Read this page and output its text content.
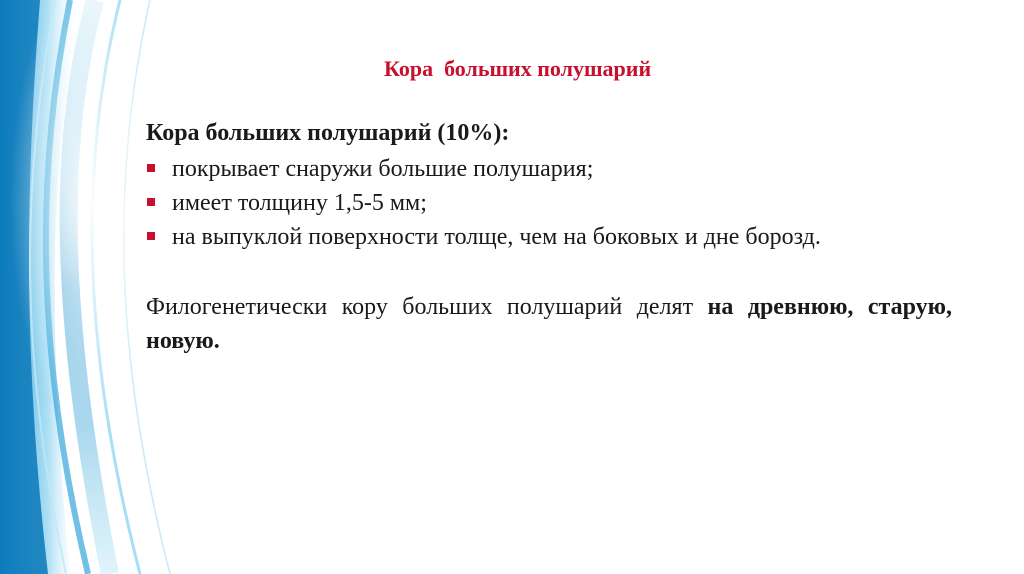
Кора  больших полушарий
Кора больших полушарий (10%):
покрывает снаружи большие полушария;
имеет толщину 1,5-5 мм;
на выпуклой поверхности толще, чем на боковых и дне борозд.
Филогенетически кору больших полушарий делят на древнюю, старую, новую.
